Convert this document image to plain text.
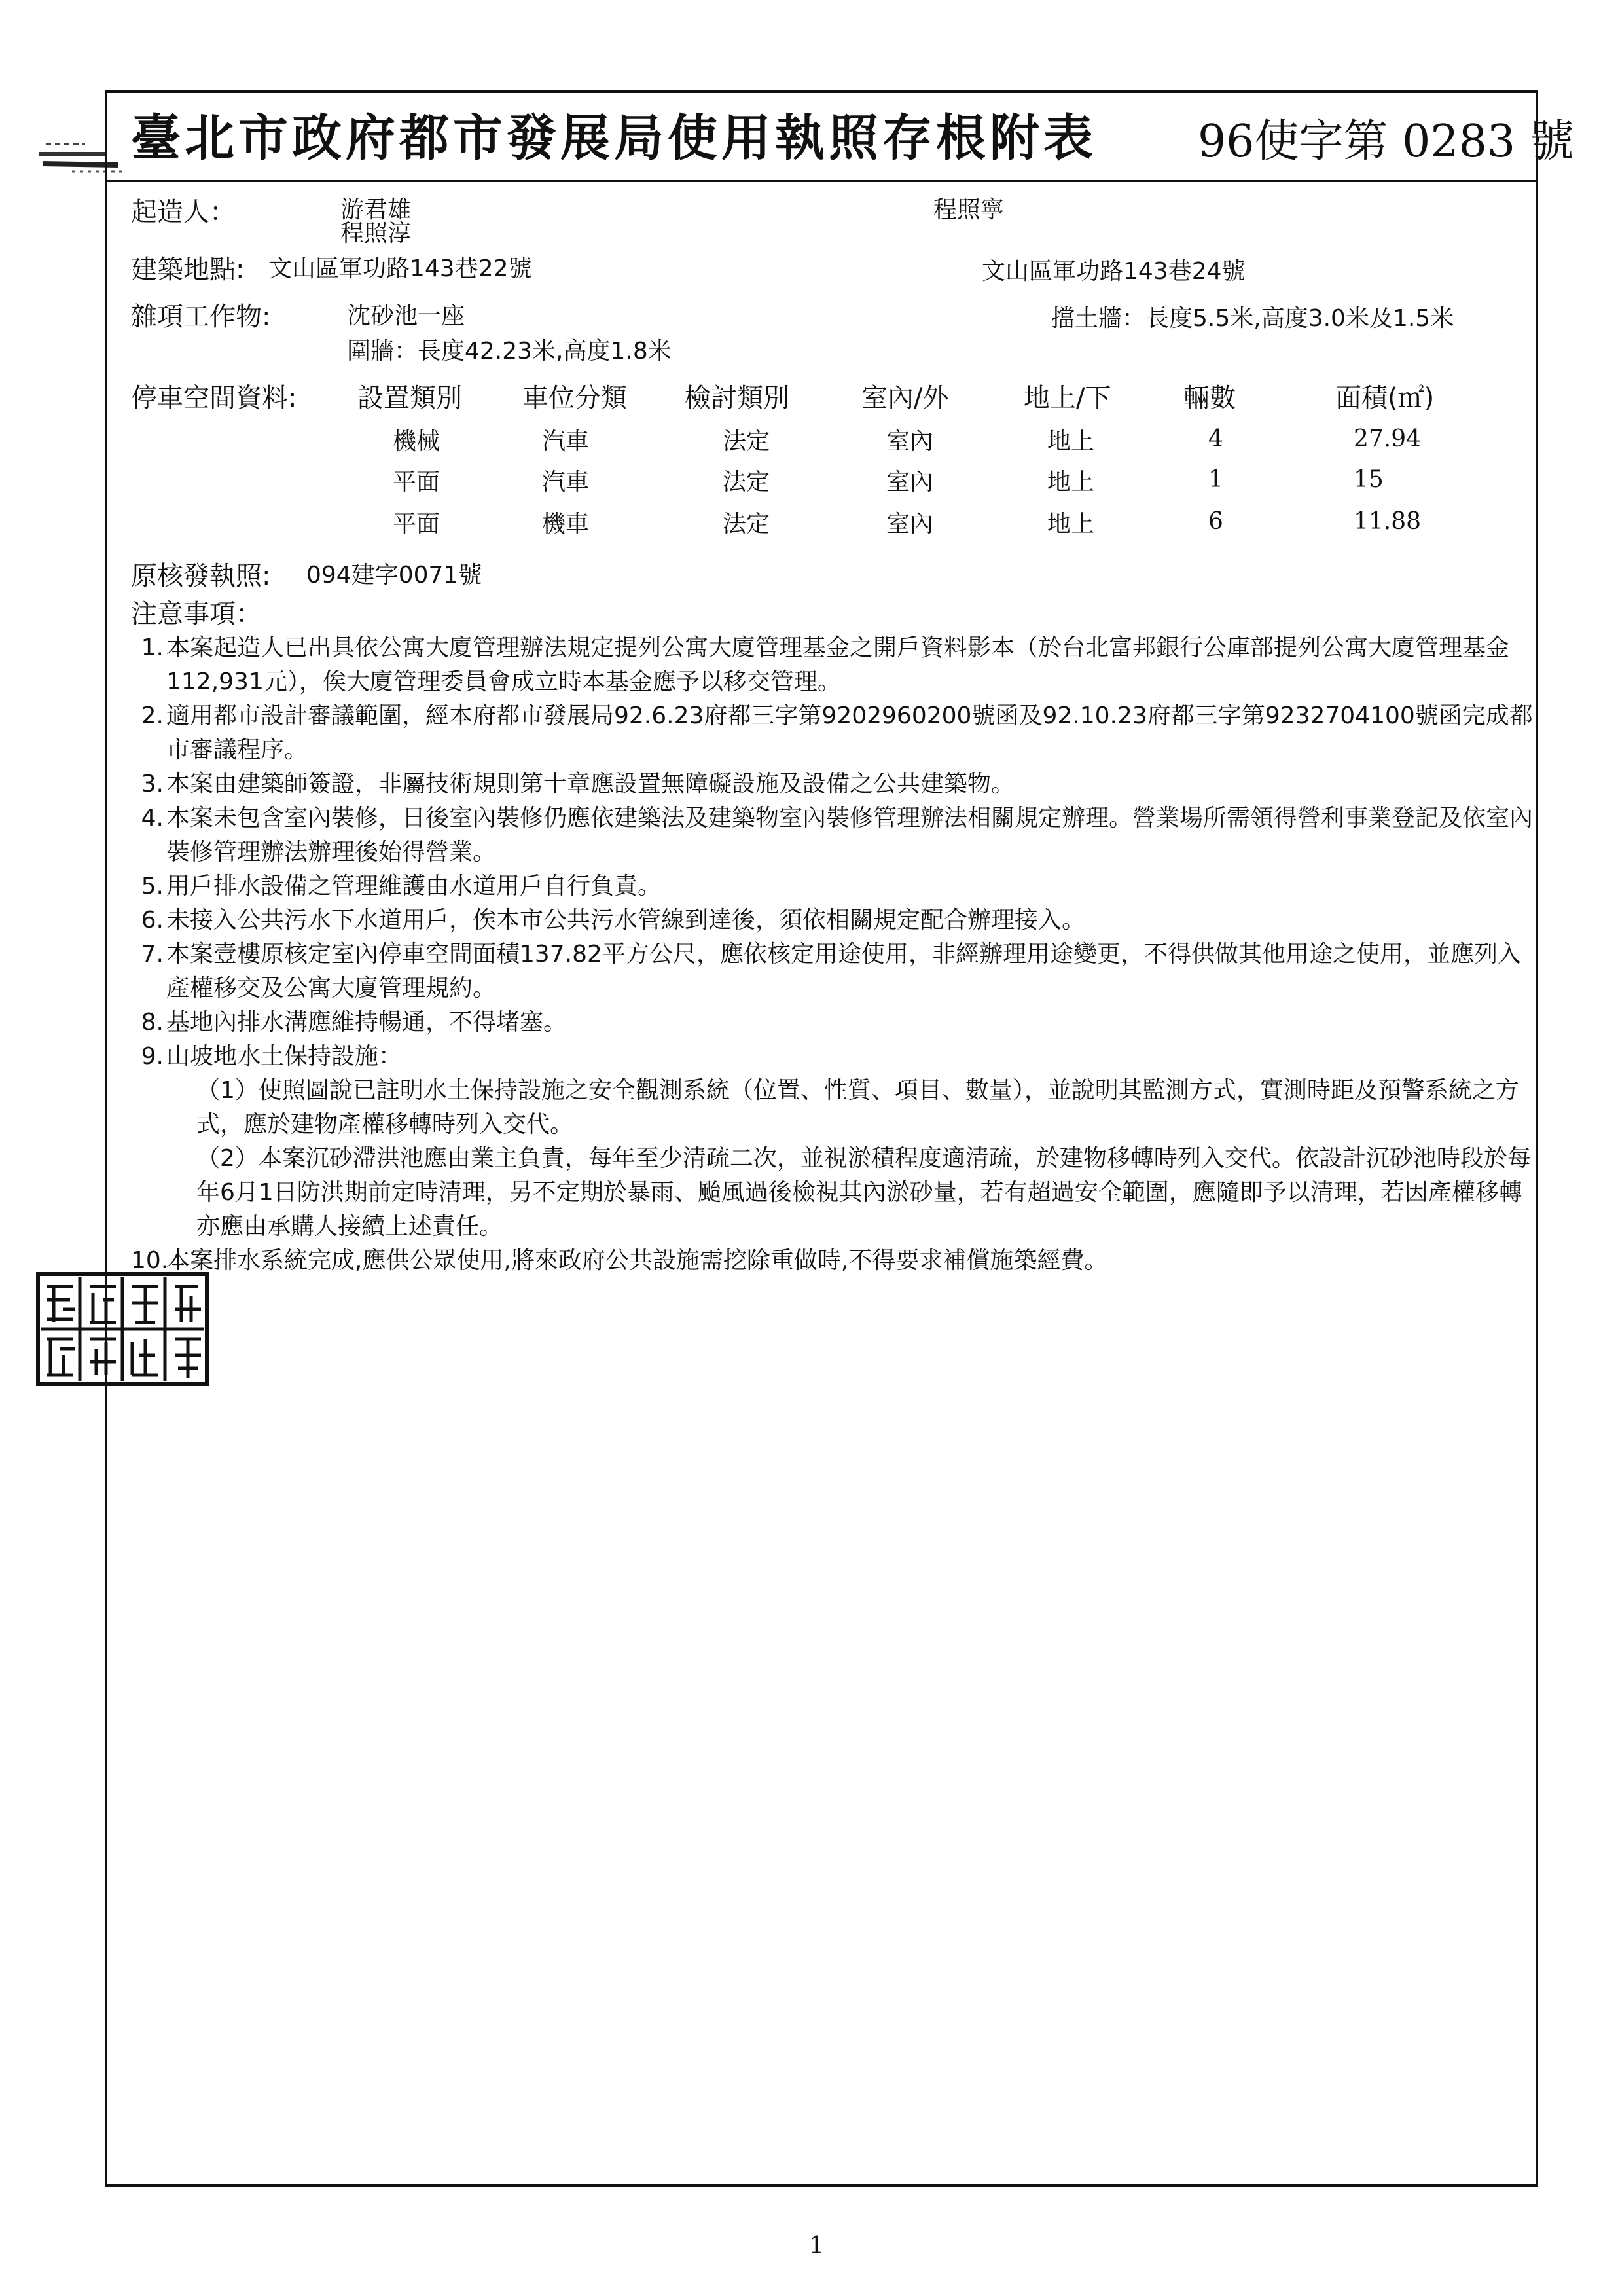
臺北市政府都市發展局使用執照存根附表 96使字第 0283 號
起造人：	游君雄
程照淳
程照寧
建築地點: 文山區軍功路143巷22號	文山區軍功路143巷24號
雜項工作物:	沈砂池一座
圍牆：長度42.23米,高度1.8米
擋土牆：長度5.5米,高度3.0米及1.5米
停車空間資料: 設置類別 車位分類 檢討類別	室內/外	地上/下	輛數	面積(㎡)
機械	汽車	法定	室內	地上	4	27.94
平面	汽車	法定	室內	地上	1	15
平面	機車	法定	室內	地上	6	11.88
原核發執照: 094建字0071號
注意事項：
1. 本案起造人已出具依公寓大廈管理辦法規定提列公寓大廈管理基金之開戶資料影本（於台北富邦銀行公庫部提列公寓大廈管理基金112,931元），俟大廈管理委員會成立時本基金應予以移交管理。
2. 適用都市設計審議範圍，經本府都市發展局92.6.23府都三字第9202960200號函及92.10.23府都三字第9232704100號函完成都市審議程序。
3. 本案由建築師簽證，非屬技術規則第十章應設置無障礙設施及設備之公共建築物。
4. 本案未包含室內裝修，日後室內裝修仍應依建築法及建築物室內裝修管理辦法相關規定辦理。營業場所需領得營利事業登記及依室內裝修管理辦法辦理後始得營業。
5. 用戶排水設備之管理維護由水道用戶自行負責。
6. 未接入公共污水下水道用戶，俟本市公共污水管線到達後，須依相關規定配合辦理接入。
7. 本案壹樓原核定室內停車空間面積137.82平方公尺，應依核定用途使用，非經辦理用途變更，不得供做其他用途之使用，並應列入產權移交及公寓大廈管理規約。
8. 基地內排水溝應維持暢通，不得堵塞。
9. 山坡地水土保持設施：
（1）使照圖說已註明水土保持設施之安全觀測系統（位置、性質、項目、數量），並說明其監測方式，實測時距及預警系統之方式，應於建物產權移轉時列入交代。
（2）本案沉砂滯洪池應由業主負責，每年至少清疏二次，並視淤積程度適清疏，於建物移轉時列入交代。依設計沉砂池時段於每年6月1日防洪期前定時清理，另不定期於暴雨、颱風過後檢視其內淤砂量，若有超過安全範圍，應隨即予以清理，若因產權移轉亦應由承購人接續上述責任。
10.
本案排水系統完成,應供公眾使用,將來政府公共設施需挖除重做時,不得要求補償施築經費。
1
